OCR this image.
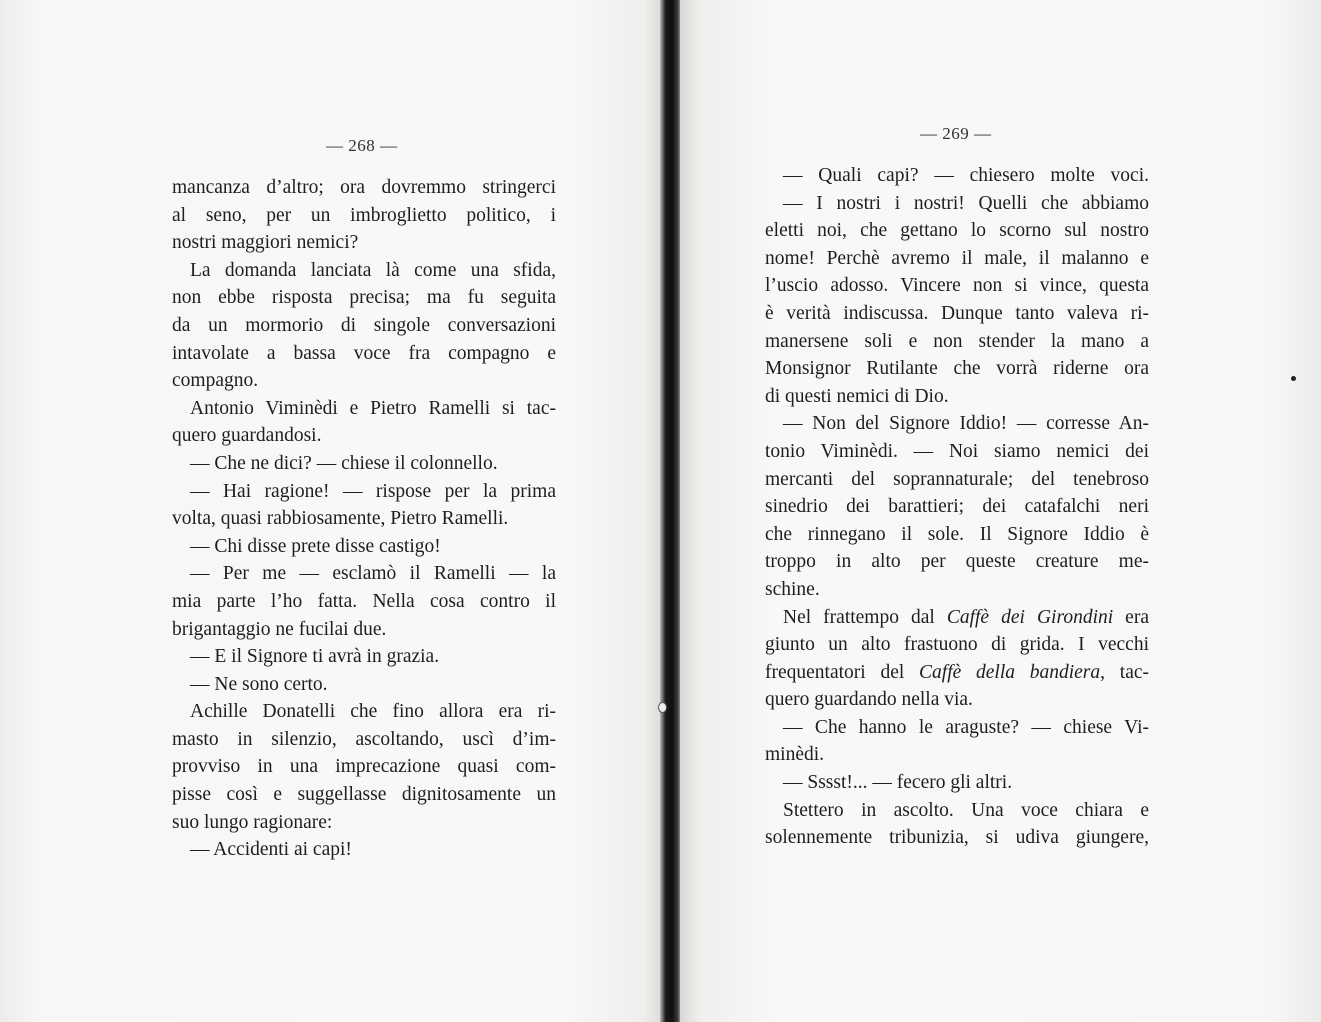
— 268 —
mancanza d’altro; ora dovremmo stringerci
al seno, per un imbroglietto politico, i
nostri maggiori nemici?
La domanda lanciata là come una sfida,
non ebbe risposta precisa; ma fu seguita
da un mormorio di singole conversazioni
intavolate a bassa voce fra compagno e
compagno.
Antonio Viminèdi e Pietro Ramelli si tac-
quero guardandosi.
— Che ne dici? — chiese il colonnello.
— Hai ragione! — rispose per la prima
volta, quasi rabbiosamente, Pietro Ramelli.
— Chi disse prete disse castigo!
— Per me — esclamò il Ramelli — la
mia parte l’ho fatta. Nella cosa contro il
brigantaggio ne fucilai due.
— E il Signore ti avrà in grazia.
— Ne sono certo.
Achille Donatelli che fino allora era ri-
masto in silenzio, ascoltando, uscì d’im-
provviso in una imprecazione quasi com-
pisse così e suggellasse dignitosamente un
suo lungo ragionare:
— Accidenti ai capi!
— 269 —
— Quali capi? — chiesero molte voci.
— I nostri i nostri! Quelli che abbiamo
eletti noi, che gettano lo scorno sul nostro
nome! Perchè avremo il male, il malanno e
l’uscio adosso. Vincere non si vince, questa
è verità indiscussa. Dunque tanto valeva ri-
manersene soli e non stender la mano a
Monsignor Rutilante che vorrà riderne ora
di questi nemici di Dio.
— Non del Signore Iddio! — corresse An-
tonio Viminèdi. — Noi siamo nemici dei
mercanti del soprannaturale; del tenebroso
sinedrio dei barattieri; dei catafalchi neri
che rinnegano il sole. Il Signore Iddio è
troppo in alto per queste creature me-
schine.
Nel frattempo dal Caffè dei Girondini era
giunto un alto frastuono di grida. I vecchi
frequentatori del Caffè della bandiera, tac-
quero guardando nella via.
— Che hanno le araguste? — chiese Vi-
minèdi.
— Sssst!... — fecero gli altri.
Stettero in ascolto. Una voce chiara e
solennemente tribunizia, si udiva giungere,
